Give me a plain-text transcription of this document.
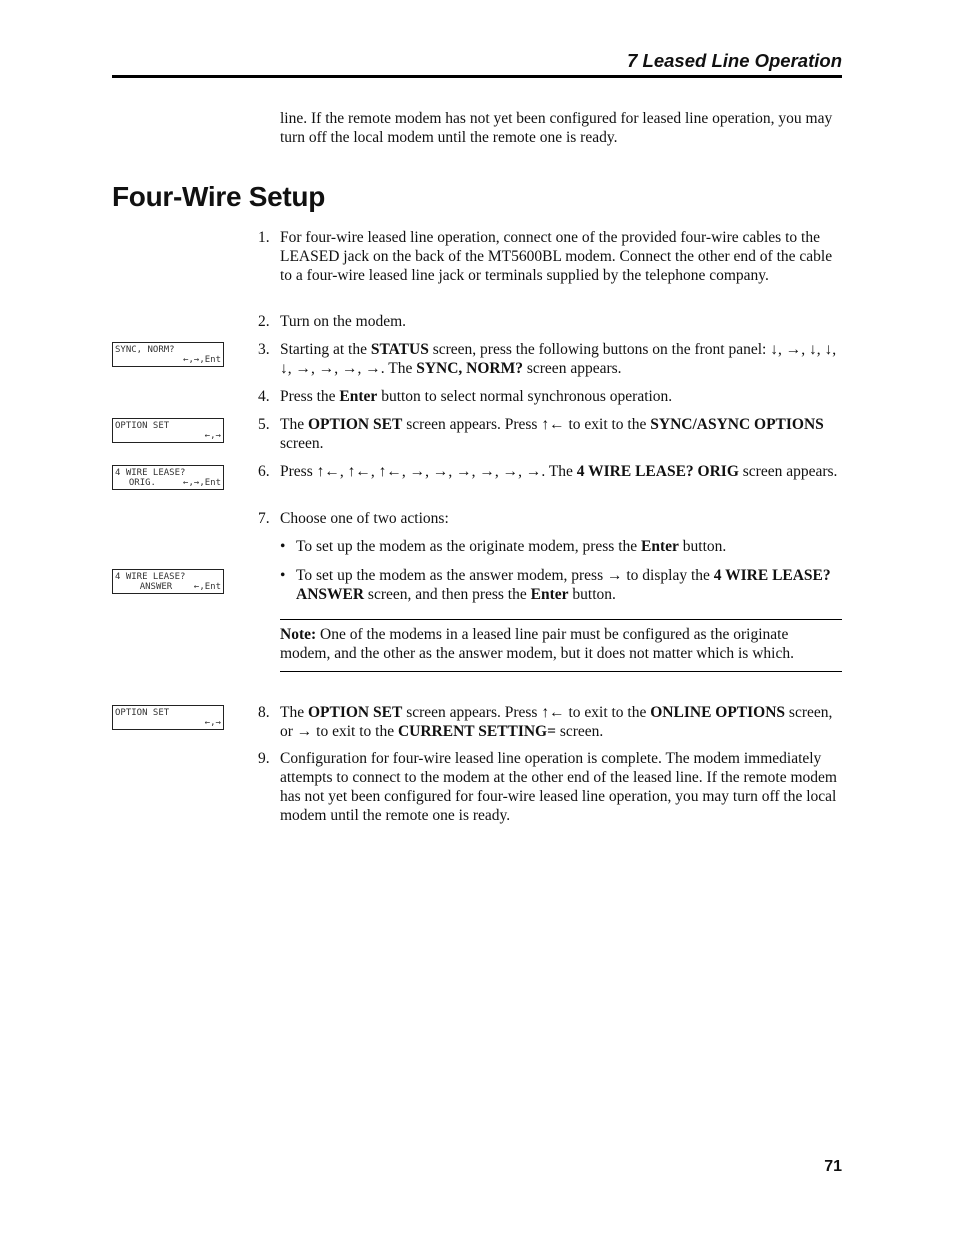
7 Leased Line Operation

line. If the remote modem has not yet been configured for leased line operation, you may turn off the local modem until the remote one is ready.

Four-Wire Setup
SYNC, NORM?
←,→,Ent
OPTION SET
←,→
4 WIRE LEASE?
ORIG.     ←,→,Ent
4 WIRE LEASE?
ANSWER    ←,Ent
OPTION SET
←,→
1. For four-wire leased line operation, connect one of the provided four-wire cables to the LEASED jack on the back of the MT5600BL modem. Connect the other end of the cable to a four-wire leased line jack or terminals supplied by the telephone company.
2. Turn on the modem.
3. Starting at the STATUS screen, press the following buttons on the front panel: ↓, →, ↓, ↓, ↓, →, →, →, →. The SYNC, NORM? screen appears.
4. Press the Enter button to select normal synchronous operation.
5. The OPTION SET screen appears. Press ↑← to exit to the SYNC/ASYNC OPTIONS screen.
6. Press ↑←, ↑←, ↑←, →, →, →, →, →, →. The 4 WIRE LEASE? ORIG screen appears.
7. Choose one of two actions:
• To set up the modem as the originate modem, press the Enter button.
• To set up the modem as the answer modem, press → to display the 4 WIRE LEASE? ANSWER screen, and then press the Enter button.
Note: One of the modems in a leased line pair must be configured as the originate modem, and the other as the answer modem, but it does not matter which is which.
8. The OPTION SET screen appears. Press ↑← to exit to the ONLINE OPTIONS screen, or → to exit to the CURRENT SETTING= screen.
9. Configuration for four-wire leased line operation is complete. The modem immediately attempts to connect to the modem at the other end of the leased line. If the remote modem has not yet been configured for four-wire leased line operation, you may turn off the local modem until the remote one is ready.
71
